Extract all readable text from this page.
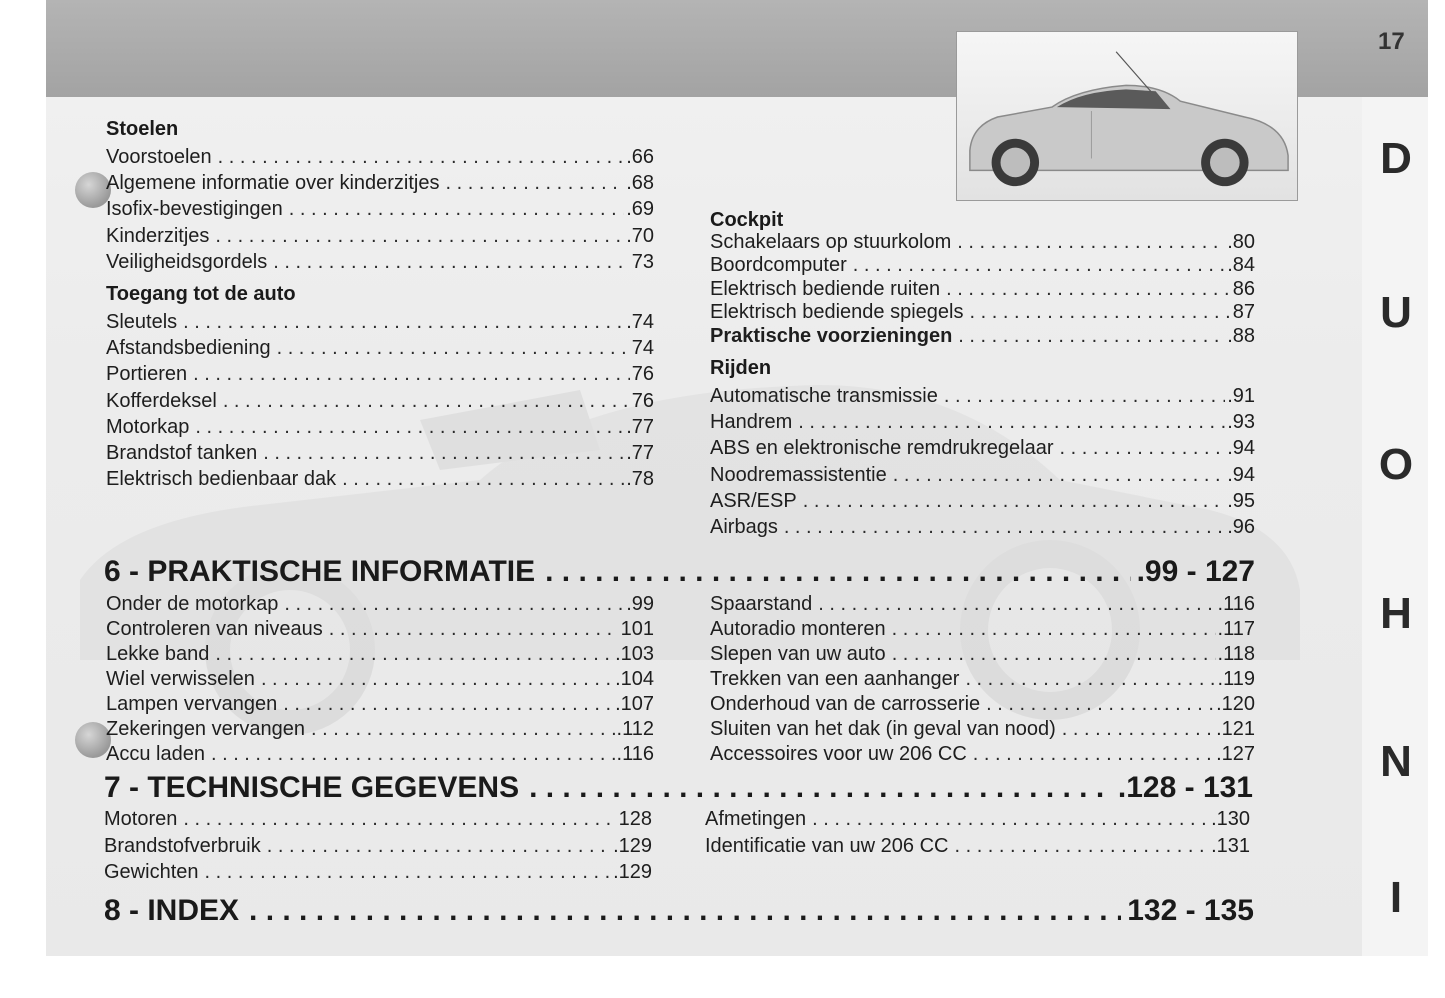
17
D
U
O
H
N
I
Stoelen
Voorstoelen . . .	.66
Algemene informatie over kinderzitjes . . .	.68
Isofix-bevestigingen . . .	.69
Kinderzitjes . . .	.70
Veiligheidsgordels . . .	73
Toegang tot de auto
Sleutels . . .	.74
Afstandsbediening . . .	74
Portieren . . .	76
Kofferdeksel . . .	76
Motorkap . . .	.77
Brandstof tanken . . .	.77
Elektrisch bedienbaar dak . . .	.78
Cockpit
Schakelaars op stuurkolom . . .	.80
Boordcomputer . . .	.84
Elektrisch bediende ruiten . . .	86
Elektrisch bediende spiegels . . .	87
Praktische voorzieningen . . .	.88
Rijden
Automatische transmissie . . .	.91
Handrem . . .	.93
ABS en elektronische remdrukregelaar . . .	.94
Noodremassistentie . . .	.94
ASR/ESP . . .	.95
Airbags . . .	.96
6 - PRAKTISCHE INFORMATIE . . .	.99 - 127
Onder de motorkap . . .	.99
Controleren van niveaus . . .	101
Lekke band . . .	.103
Wiel verwisselen . . .	.104
Lampen vervangen . . .	.107
Zekeringen vervangen . . .	.112
Accu laden . . .	.116
Spaarstand . . .	.116
Autoradio monteren . . .	.117
Slepen van uw auto . . .	.118
Trekken van een aanhanger . . .	.119
Onderhoud van de carrosserie . . .	.120
Sluiten van het dak (in geval van nood) . . .	.121
Accessoires voor uw 206 CC . . .	.127
7 - TECHNISCHE GEGEVENS . . .	.128 - 131
Motoren . . .	128
Brandstofverbruik . . .	.129
Gewichten . . .	.129
Afmetingen . . .	.130
Identificatie van uw 206 CC . . .	.131
8 - INDEX . . .	132 - 135
